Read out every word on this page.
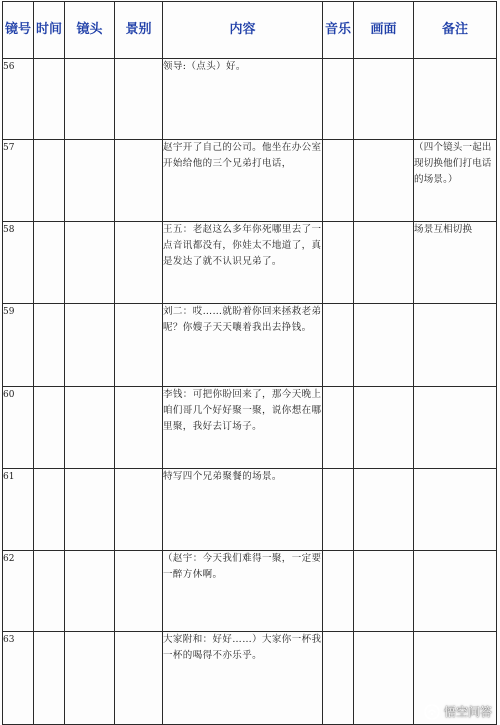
镜号	时间	镜头	景别	内容	音乐	画面	备注
56				领导:（点头）好。			
57				赵宇开了自己的公司。他坐在办公室开始给他的三个兄弟打电话，			（四个镜头一起出现切换他们打电话的场景。）
58				王五：老赵这么多年你死哪里去了一点音讯都没有，你娃太不地道了，真是发达了就不认识兄弟了。			场景互相切换
59				刘二：哎……就盼着你回来拯救老弟呢？你嫂子天天嚷着我出去挣钱。			
60				李钱：可把你盼回来了，那今天晚上咱们哥几个好好聚一聚，说你想在哪里聚，我好去订场子。			
61				特写四个兄弟聚餐的场景。			
62				（赵宇：今天我们难得一聚，一定要一醉方休啊。			
63				大家附和：好好……）大家你一杯我一杯的喝得不亦乐乎。			
悟空问答
